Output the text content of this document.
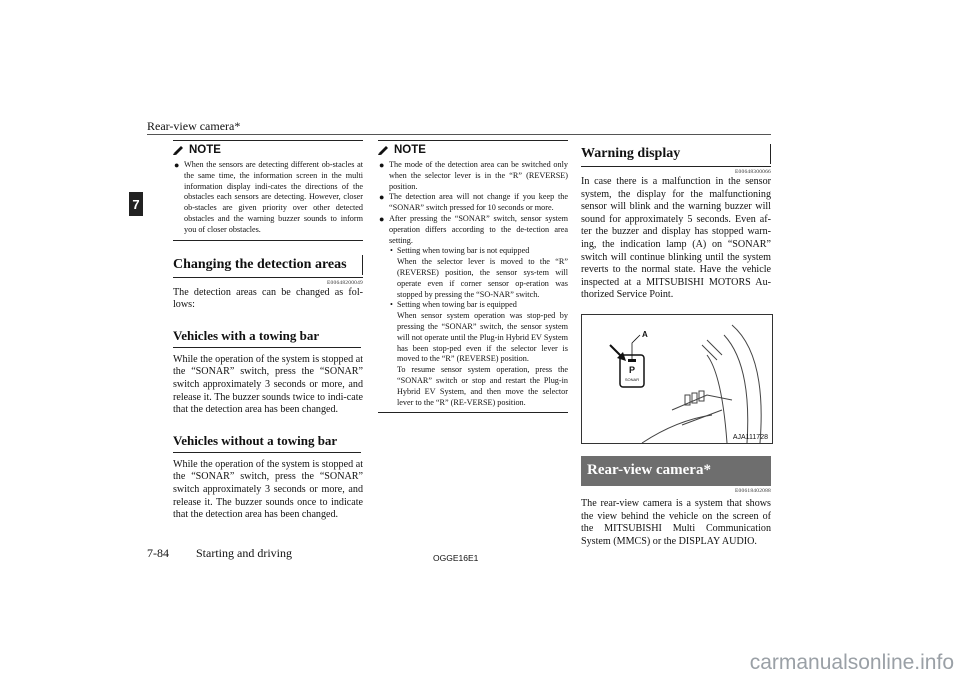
Rear-view camera*
7
NOTE
● When the sensors are detecting different ob-stacles at the same time, the information screen in the multi information display indi-cates the directions of the obstacles each sensors are detecting. However, closer ob-stacles are given priority over other detected obstacles and the warning buzzer sounds to inform you of closer obstacles.
Changing the detection areas
E00648200049
The detection areas can be changed as fol-lows:
Vehicles with a towing bar
While the operation of the system is stopped at the “SONAR” switch, press the “SONAR” switch approximately 3 seconds or more, and release it. The buzzer sounds twice to indi-cate that the detection area has been changed.
Vehicles without a towing bar
While the operation of the system is stopped at the “SONAR” switch, press the “SONAR” switch approximately 3 seconds or more, and release it. The buzzer sounds once to indicate that the detection area has been changed.
NOTE
● The mode of the detection area can be switched only when the selector lever is in the “R” (REVERSE) position.
● The detection area will not change if you keep the “SONAR” switch pressed for 10 seconds or more.
● After pressing the “SONAR” switch, sensor system operation differs according to the de-tection area setting.
• Setting when towing bar is not equipped
When the selector lever is moved to the “R” (REVERSE) position, the sensor sys-tem will operate even if corner sensor op-eration was stopped by pressing the “SO-NAR” switch.
• Setting when towing bar is equipped
When sensor system operation was stop-ped by pressing the “SONAR” switch, the sensor system will not operate until the Plug-in Hybrid EV System has been stop-ped even if the selector lever is moved to the “R” (REVERSE) position.
To resume sensor system operation, press the “SONAR” switch or stop and restart the Plug-in Hybrid EV System, and then move the selector lever to the “R” (RE-VERSE) position.
Warning display
E00648300066
In case there is a malfunction in the sensor system, the display for the malfunctioning sensor will blink and the warning buzzer will sound for approximately 5 seconds. Even af-ter the buzzer and display has stopped warn-ing, the indication lamp (A) on “SONAR” switch will continue blinking until the system reverts to the normal state. Have the vehicle inspected at a MITSUBISHI MOTORS Au-thorized Service Point.
P
SONAR
A
AJA111728
Rear-view camera*
E00618402088
The rear-view camera is a system that shows the view behind the vehicle on the screen of the MITSUBISHI Multi Communication System (MMCS) or the DISPLAY AUDIO.
7-84 Starting and driving	OGGE16E1
carmanualsonline.info
